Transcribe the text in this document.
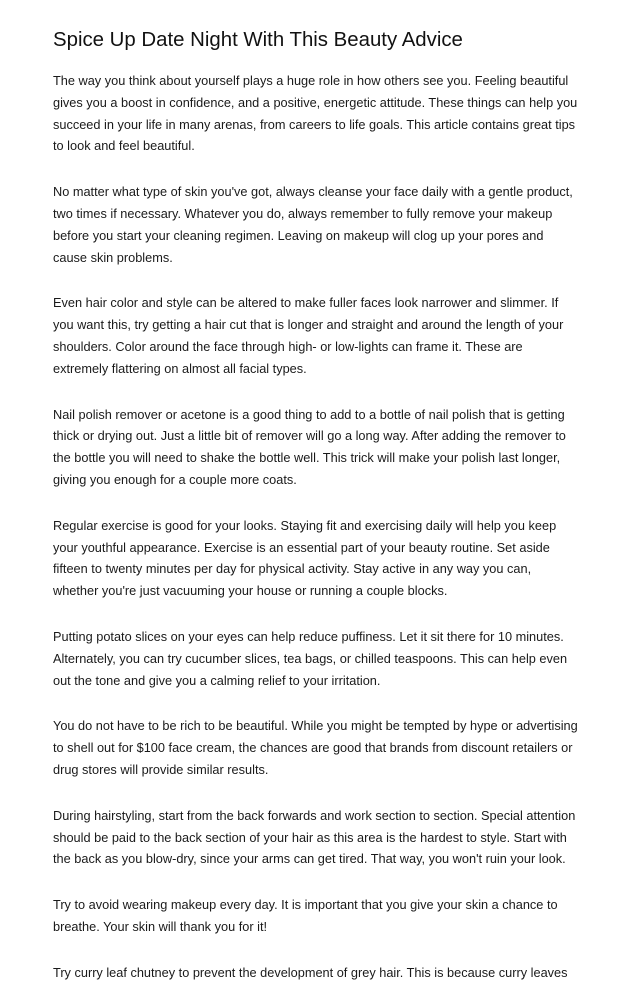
Spice Up Date Night With This Beauty Advice

The way you think about yourself plays a huge role in how others see you. Feeling beautiful
gives you a boost in confidence, and a positive, energetic attitude. These things can help you
succeed in your life in many arenas, from careers to life goals. This article contains great tips
to look and feel beautiful.

No matter what type of skin you've got, always cleanse your face daily with a gentle product,
two times if necessary. Whatever you do, always remember to fully remove your makeup
before you start your cleaning regimen. Leaving on makeup will clog up your pores and
cause skin problems.

Even hair color and style can be altered to make fuller faces look narrower and slimmer. If
you want this, try getting a hair cut that is longer and straight and around the length of your
shoulders. Color around the face through high- or low-lights can frame it. These are
extremely flattering on almost all facial types.

Nail polish remover or acetone is a good thing to add to a bottle of nail polish that is getting
thick or drying out. Just a little bit of remover will go a long way. After adding the remover to
the bottle you will need to shake the bottle well. This trick will make your polish last longer,
giving you enough for a couple more coats.

Regular exercise is good for your looks. Staying fit and exercising daily will help you keep
your youthful appearance. Exercise is an essential part of your beauty routine. Set aside
fifteen to twenty minutes per day for physical activity. Stay active in any way you can,
whether you're just vacuuming your house or running a couple blocks.

Putting potato slices on your eyes can help reduce puffiness. Let it sit there for 10 minutes.
Alternately, you can try cucumber slices, tea bags, or chilled teaspoons. This can help even
out the tone and give you a calming relief to your irritation.

You do not have to be rich to be beautiful. While you might be tempted by hype or advertising
to shell out for $100 face cream, the chances are good that brands from discount retailers or
drug stores will provide similar results.

During hairstyling, start from the back forwards and work section to section. Special attention
should be paid to the back section of your hair as this area is the hardest to style. Start with
the back as you blow-dry, since your arms can get tired. That way, you won't ruin your look.

Try to avoid wearing makeup every day. It is important that you give your skin a chance to
breathe. Your skin will thank you for it!

Try curry leaf chutney to prevent the development of grey hair. This is because curry leaves
